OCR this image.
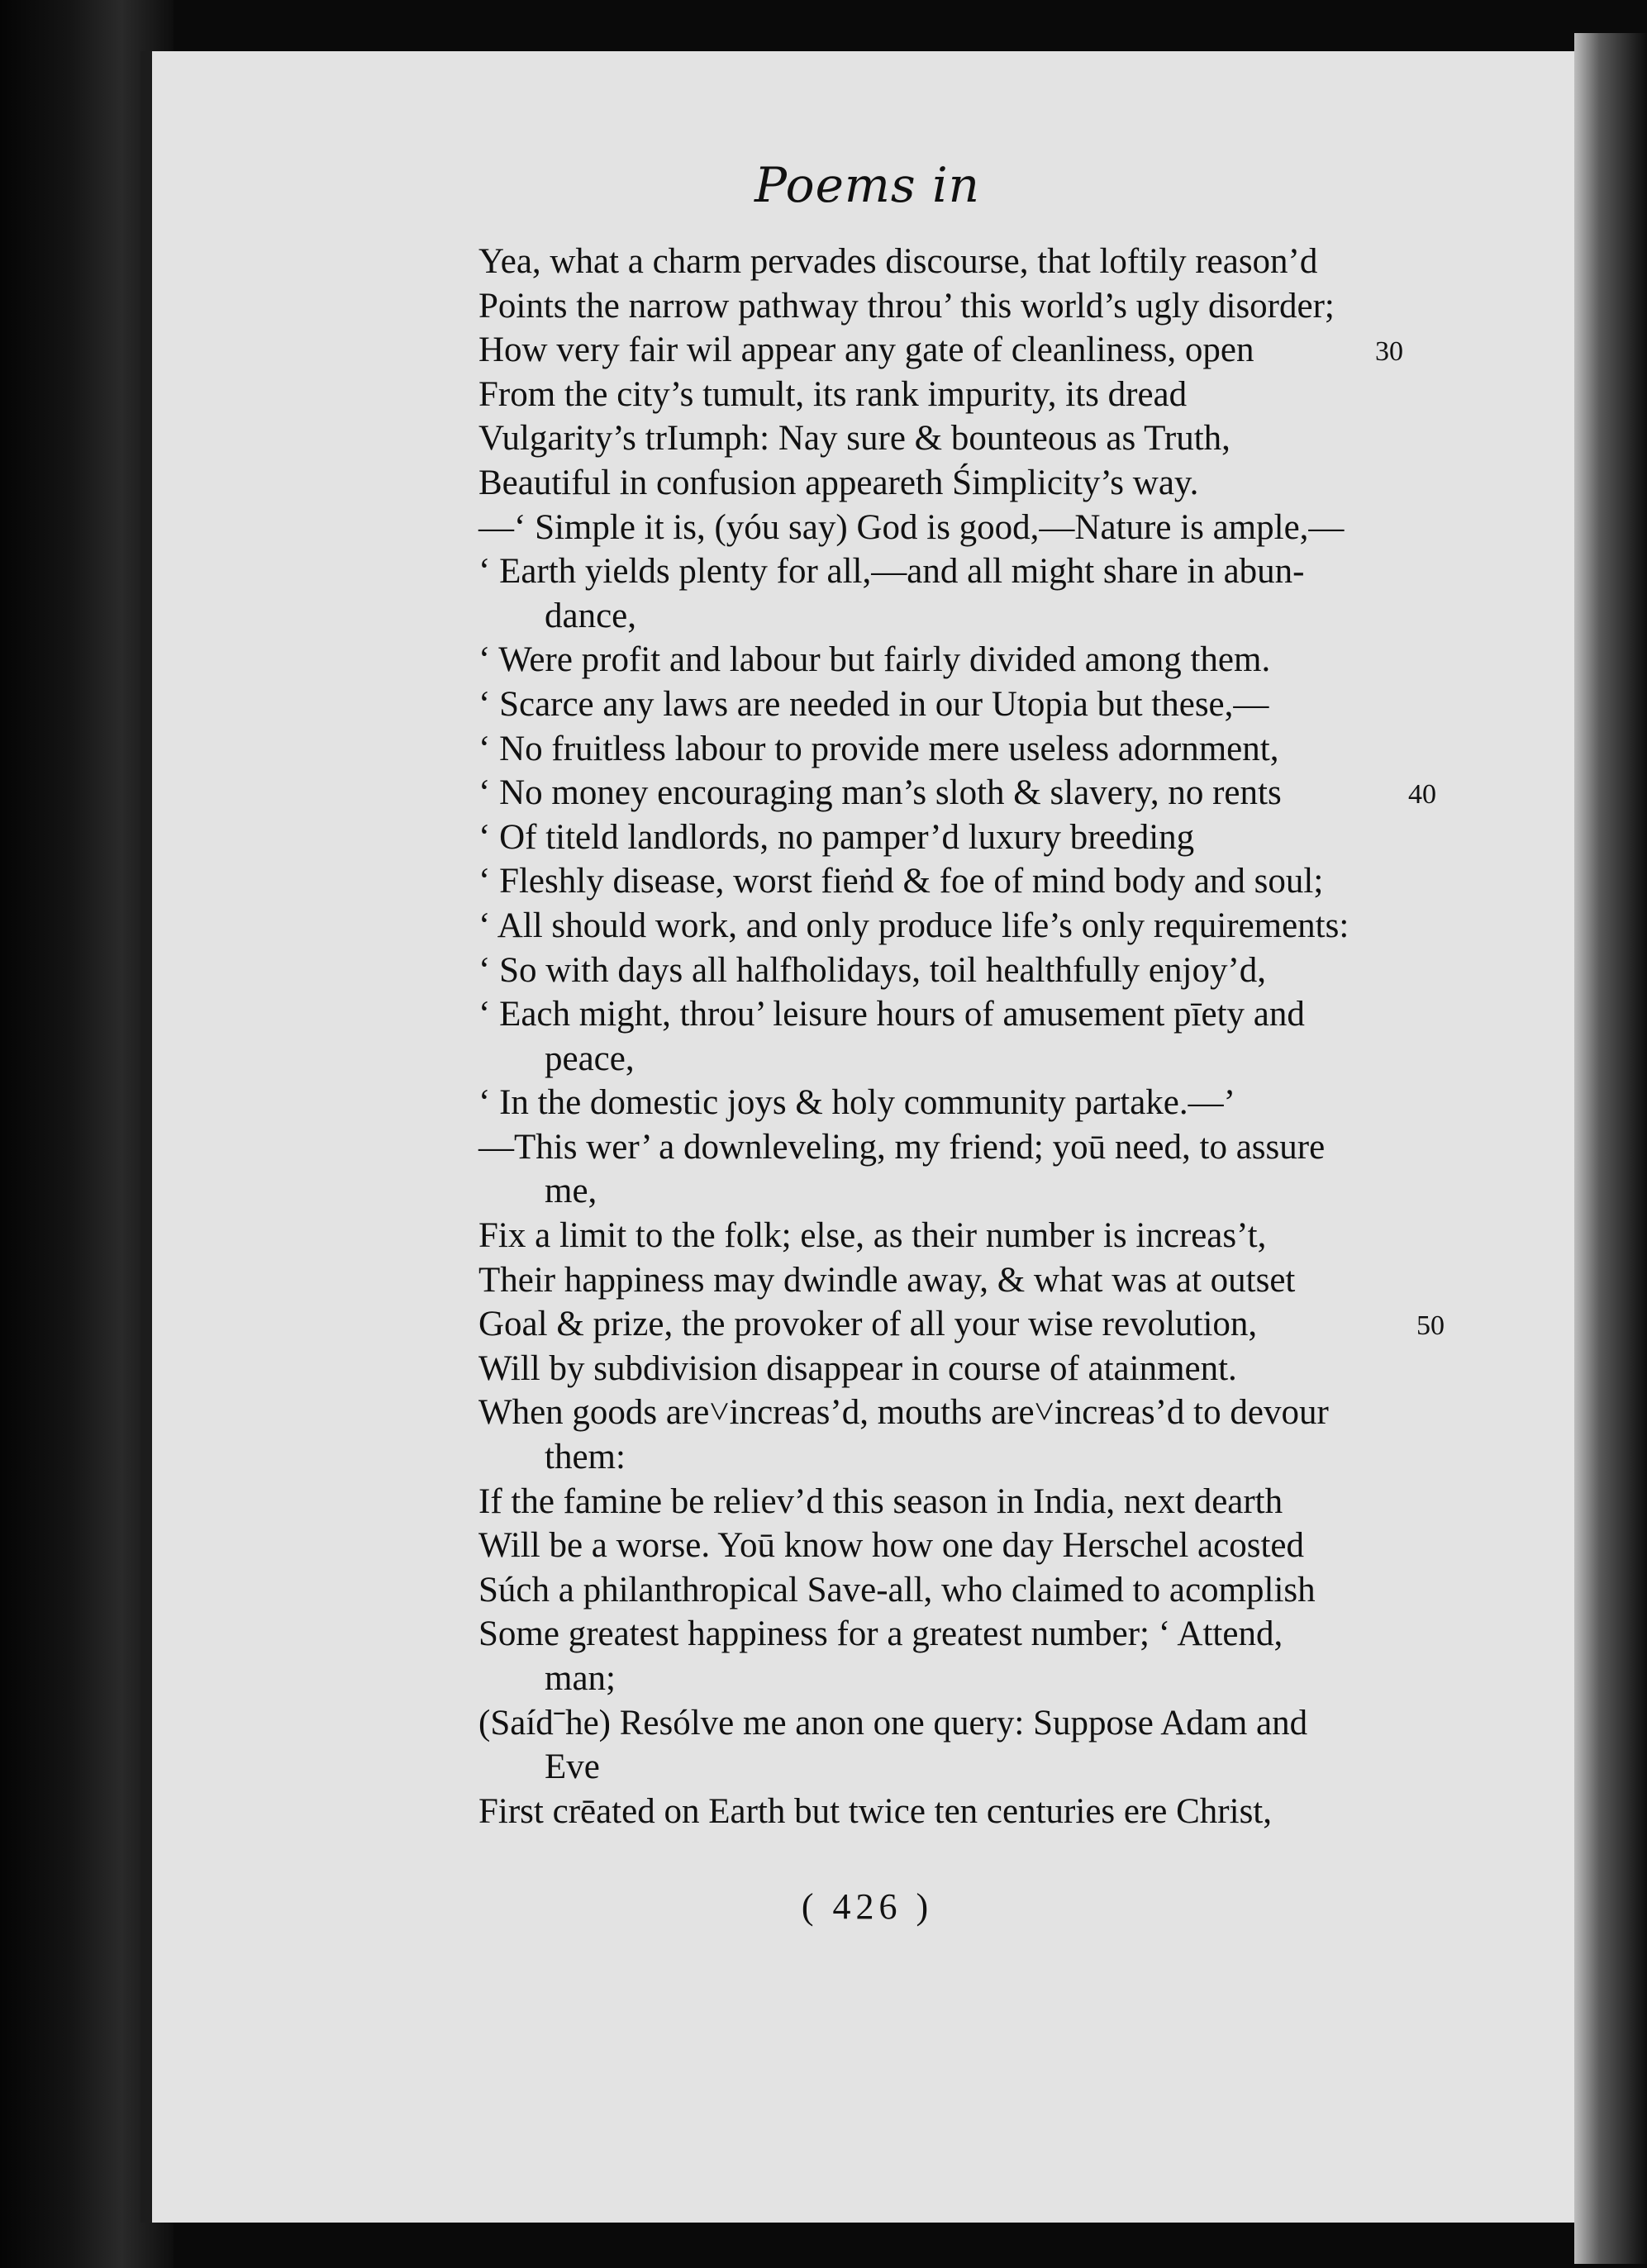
Poems in
Yea, what a charm pervades discourse, that loftily reason’d
Points the narrow pathway throu’ this world’s ugly disorder;
How very fair wil appear any gate of cleanliness, open	30
From the city’s tumult, its rank impurity, its dread
Vulgarity’s trIumph: Nay sure & bounteous as Truth,
Beautiful in confusion appeareth Śimplicity’s way.
—‘ Simple it is, (yóu say) God is good,—Nature is ample,—
‘ Earth yields plenty for all,—and all might share in abun-
dance,
‘ Were profit and labour but fairly divided among them.
‘ Scarce any laws are needed in our Utopia but these,—
‘ No fruitless labour to provide mere useless adornment,
‘ No money encouraging man’s sloth & slavery, no rents	40
‘ Of titeld landlords, no pamper’d luxury breeding
‘ Fleshly disease, worst fieṅd & foe of mind body and soul;
‘ All should work, and only produce life’s only requirements:
‘ So with days all halfholidays, toil healthfully enjoy’d,
‘ Each might, throu’ leisure hours of amusement pīety and
peace,
‘ In the domestic joys & holy community partake.—’
—This wer’ a downleveling, my friend; yoū need, to assure
me,
Fix a limit to the folk; else, as their number is increas’t,
Their happiness may dwindle away, & what was at outset
Goal & prize, the provoker of all your wise revolution,	50
Will by subdivision disappear in course of atainment.
When goods are˅increas’d, mouths are˅increas’d to devour
them:
If the famine be reliev’d this season in India, next dearth
Will be a worse. Yoū know how one day Herschel acosted
Súch a philanthropical Save-all, who claimed to acomplish
Some greatest happiness for a greatest number; ‘ Attend,
man;
(Saídˉhe) Resólve me anon one query: Suppose Adam and
Eve
First crēated on Earth but twice ten centuries ere Christ,
( 426 )
